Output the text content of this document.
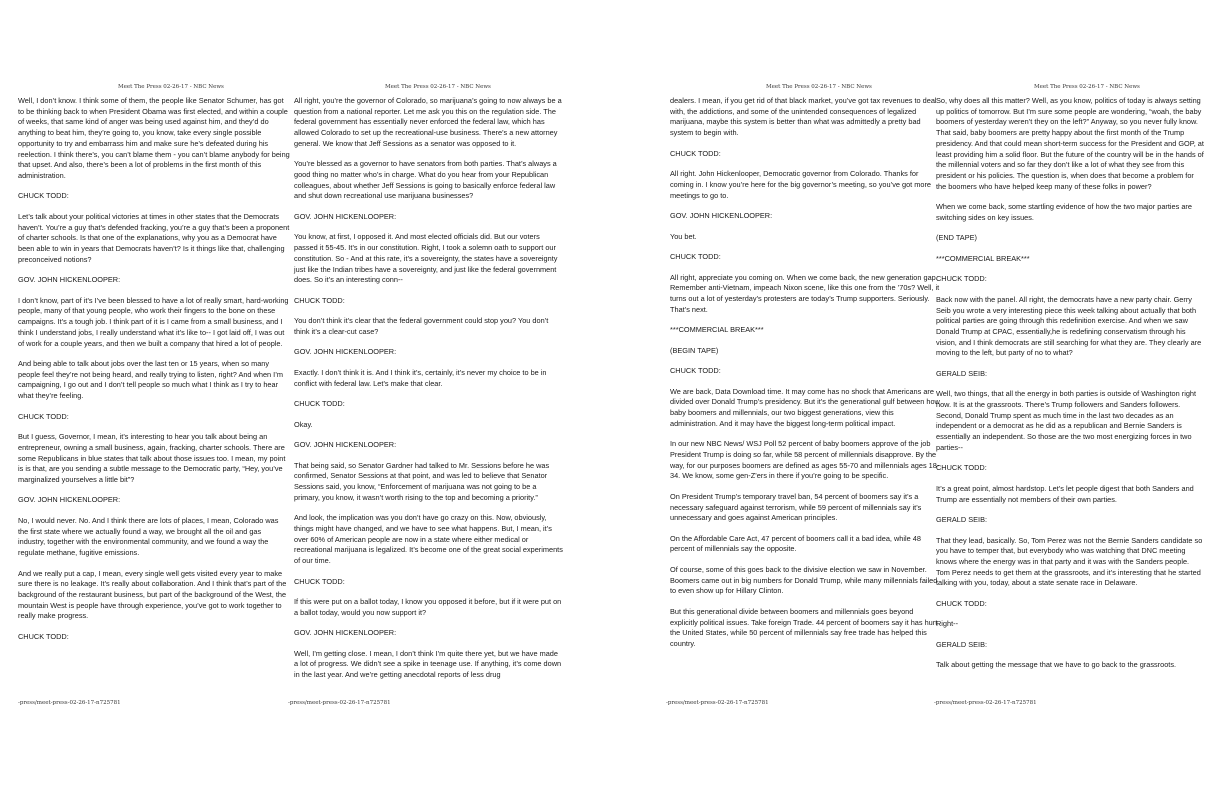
Meet The Press 02-26-17 - NBC News	Meet The Press 02-26-17 - NBC News

Well, I don’t know. I think some of them, the people like Senator Schumer, has got to be thinking back to when President Obama was first elected, and within a couple of weeks, that same kind of anger was being used against him, and they’d do anything to beat him, they’re going to, you know, take every single possible opportunity to try and embarrass him and make sure he’s defeated during his reelection. I think there’s, you can’t blame them - you can’t blame anybody for being that upset. And also, there’s been a lot of problems in the first month of this administration.

CHUCK TODD:

Let’s talk about your political victories at times in other states that the Democrats haven’t. You’re a guy that’s defended fracking, you’re a guy that’s been a proponent of charter schools. Is that one of the explanations, why you as a Democrat have been able to win in years that Democrats haven’t? Is it things like that, challenging preconceived notions?

GOV. JOHN HICKENLOOPER:

I don’t know, part of it’s I’ve been blessed to have a lot of really smart, hard-working people, many of that young people, who work their fingers to the bone on these campaigns. It’s a tough job. I think part of it is I came from a small business, and I think I understand jobs, I really understand what it’s like to-- I got laid off, I was out of work for a couple years, and then we built a company that hired a lot of people.

And being able to talk about jobs over the last ten or 15 years, when so many people feel they’re not being heard, and really trying to listen, right? And when I’m campaigning, I go out and I don’t tell people so much what I think as I try to hear what they’re feeling.

CHUCK TODD:

But I guess, Governor, I mean, it’s interesting to hear you talk about being an entrepreneur, owning a small business, again, fracking, charter schools. There are some Republicans in blue states that talk about those issues too. I mean, my point is is that, are you sending a subtle message to the Democratic party, “Hey, you’ve marginalized yourselves a little bit”?

GOV. JOHN HICKENLOOPER:

No, I would never. No. And I think there are lots of places, I mean, Colorado was the first state where we actually found a way, we brought all the oil and gas industry, together with the environmental community, and we found a way the regulate methane, fugitive emissions.

And we really put a cap, I mean, every single well gets visited every year to make sure there is no leakage. It’s really about collaboration. And I think that’s part of the background of the restaurant business, but part of the background of the West, the mountain West is people have through experience, you’ve got to work together to really make progress.

CHUCK TODD:

All right, you’re the governor of Colorado, so marijuana’s going to now always be a question from a national reporter. Let me ask you this on the regulation side. The federal government has essentially never enforced the federal law, which has allowed Colorado to set up the recreational-use business. There’s a new attorney general. We know that Jeff Sessions as a senator was opposed to it.

You’re blessed as a governor to have senators from both parties. That’s always a good thing no matter who’s in charge. What do you hear from your Republican colleagues, about whether Jeff Sessions is going to basically enforce federal law and shut down recreational use marijuana businesses?

GOV. JOHN HICKENLOOPER:

You know, at first, I opposed it. And most elected officials did. But our voters passed it 55-45. It’s in our constitution. Right, I took a solemn oath to support our constitution. So - And at this rate, it’s a sovereignty, the states have a sovereignty just like the Indian tribes have a sovereignty, and just like the federal government does. So it’s an interesting conn--

CHUCK TODD:

You don’t think it’s clear that the federal government could stop you? You don’t think it’s a clear-cut case?

GOV. JOHN HICKENLOOPER:

Exactly. I don’t think it is. And I think it’s, certainly, it’s never my choice to be in conflict with federal law. Let’s make that clear.

CHUCK TODD:

Okay.

GOV. JOHN HICKENLOOPER:

That being said, so Senator Gardner had talked to Mr. Sessions before he was confirmed, Senator Sessions at that point, and was led to believe that Senator Sessions said, you know, “Enforcement of marijuana was not going to be a primary, you know, it wasn’t worth rising to the top and becoming a priority.”

And look, the implication was you don’t have go crazy on this. Now, obviously, things might have changed, and we have to see what happens. But, I mean, it’s over 60% of American people are now in a state where either medical or recreational marijuana is legalized. It’s become one of the great social experiments of our time.

CHUCK TODD:

If this were put on a ballot today, I know you opposed it before, but if it were put on a ballot today, would you now support it?

GOV. JOHN HICKENLOOPER:

Well, I’m getting close. I mean, I don’t think I’m quite there yet, but we have made a lot of progress. We didn’t see a spike in teenage use. If anything, it’s come down in the last year. And we’re getting anecdotal reports of less drug

-press/meet-press-02-26-17-n725781	-press/meet-press-02-26-17-n725781
Meet The Press 02-26-17 - NBC News	Meet The Press 02-26-17 - NBC News

dealers. I mean, if you get rid of that black market, you’ve got tax revenues to deal with, the addictions, and some of the unintended consequences of legalized marijuana, maybe this system is better than what was admittedly a pretty bad system to begin with.

CHUCK TODD:

All right. John Hickenlooper, Democratic governor from Colorado. Thanks for coming in. I know you’re here for the big governor’s meeting, so you’ve got more meetings to go to.

GOV. JOHN HICKENLOOPER:

You bet.

CHUCK TODD:

All right, appreciate you coming on. When we come back, the new generation gap. Remember anti-Vietnam, impeach Nixon scene, like this one from the ’70s? Well, it turns out a lot of yesterday’s protesters are today’s Trump supporters. Seriously. That’s next.

***COMMERCIAL BREAK***

(BEGIN TAPE)

CHUCK TODD:

We are back, Data Download time. It may come has no shock that Americans are divided over Donald Trump’s presidency. But it’s the generational gulf between how baby boomers and millennials, our two biggest generations, view this administration. And it may have the biggest long-term political impact.

In our new NBC News/ WSJ Poll 52 percent of baby boomers approve of the job President Trump is doing so far, while 58 percent of millennials disapprove. By the way, for our purposes boomers are defined as ages 55-70 and millennials ages 18-34. We know, some gen-Z’ers in there if you’re going to be specific.

On President Trump’s temporary travel ban, 54 percent of boomers say it’s a necessary safeguard against terrorism, while 59 percent of millennials say it’s unnecessary and goes against American principles.

On the Affordable Care Act, 47 percent of boomers call it a bad idea, while 48 percent of millennials say the opposite.

Of course, some of this goes back to the divisive election we saw in November. Boomers came out in big numbers for Donald Trump, while many millennials failed to even show up for Hillary Clinton.

But this generational divide between boomers and millennials goes beyond explicitly political issues. Take foreign Trade. 44 percent of boomers say it has hurt the United States, while 50 percent of millennials say free trade has helped this country.

So, why does all this matter? Well, as you know, politics of today is always setting up politics of tomorrow. But I’m sure some people are wondering, “woah, the baby boomers of yesterday weren’t they on the left?” Anyway, so you never fully know. That said, baby boomers are pretty happy about the first month of the Trump presidency. And that could mean short-term success for the President and GOP, at least providing him a solid floor. But the future of the country will be in the hands of the millennial voters and so far they don’t like a lot of what they see from this president or his policies. The question is, when does that become a problem for the boomers who have helped keep many of these folks in power?

When we come back, some startling evidence of how the two major parties are switching sides on key issues.

(END TAPE)

***COMMERCIAL BREAK***

CHUCK TODD:

Back now with the panel. All right, the democrats have a new party chair. Gerry Seib you wrote a very interesting piece this week talking about actually that both political parties are going through this redefinition exercise. And when we saw Donald Trump at CPAC, essentially,he is redefining conservatism through his vision, and I think democrats are still searching for what they are. They clearly are moving to the left, but party of no to what?

GERALD SEIB:

Well, two things, that all the energy in both parties is outside of Washington right now. It is at the grassroots. There’s Trump followers and Sanders followers. Second, Donald Trump spent as much time in the last two decades as an independent or a democrat as he did as a republican and Bernie Sanders is essentially an independent. So those are the two most energizing forces in two parties--

CHUCK TODD:

It’s a great point, almost hardstop. Let’s let people digest that both Sanders and Trump are essentially not members of their own parties.

GERALD SEIB:

That they lead, basically. So, Tom Perez was not the Bernie Sanders candidate so you have to temper that, but everybody who was watching that DNC meeting knows where the energy was in that party and it was with the Sanders people. Tom Perez needs to get them at the grassroots, and it’s interesting that he started talking with you, today, about a state senate race in Delaware.

CHUCK TODD:

Right--

GERALD SEIB:

Talk about getting the message that we have to go back to the grassroots.

-press/meet-press-02-26-17-n725781	-press/meet-press-02-26-17-n725781
